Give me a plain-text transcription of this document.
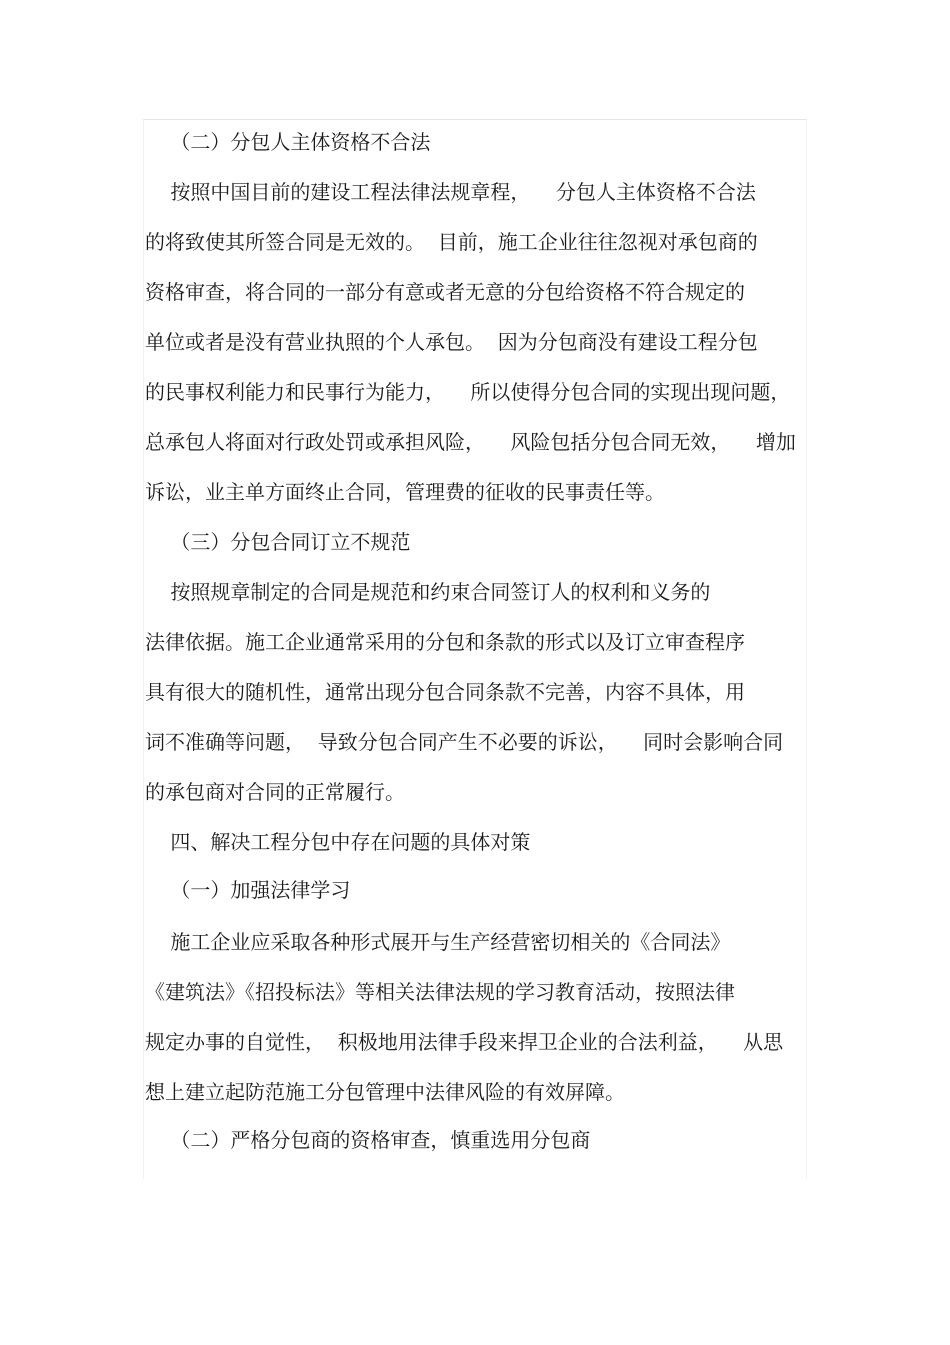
（二）分包人主体资格不合法
按照中国目前的建设工程法律法规章程，    分包人主体资格不合法
的将致使其所签合同是无效的。  目前，施工企业往往忽视对承包商的
资格审查，将合同的一部分有意或者无意的分包给资格不符合规定的
单位或者是没有营业执照的个人承包。  因为分包商没有建设工程分包
的民事权利能力和民事行为能力，    所以使得分包合同的实现出现问题，
总承包人将面对行政处罚或承担风险，    风险包括分包合同无效，    增加
诉讼，业主单方面终止合同，管理费的征收的民事责任等。
（三）分包合同订立不规范
按照规章制定的合同是规范和约束合同签订人的权利和义务的
法律依据。施工企业通常采用的分包和条款的形式以及订立审查程序
具有很大的随机性，通常出现分包合同条款不完善，内容不具体，用
词不准确等问题，  导致分包合同产生不必要的诉讼，    同时会影响合同
的承包商对合同的正常履行。
四、解决工程分包中存在问题的具体对策
（一）加强法律学习
施工企业应采取各种形式展开与生产经营密切相关的《合同法》
《建筑法》《招投标法》等相关法律法规的学习教育活动，按照法律
规定办事的自觉性，  积极地用法律手段来捍卫企业的合法利益，    从思
想上建立起防范施工分包管理中法律风险的有效屏障。
（二）严格分包商的资格审查，慎重选用分包商
